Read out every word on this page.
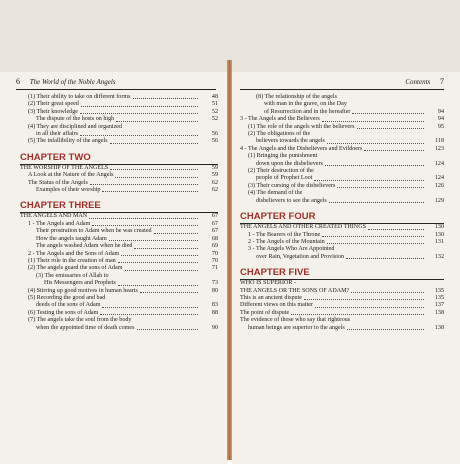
6 The World of the Noble Angels	Contents 7
(1) Their ability to take on different forms	48
(2) Their great speed	51
(3) Their knowledge	52
The dispute of the hosts on high	52
(4) They are disciplined and organized
in all their affairs	56
(5) The infallibility of the angels	56
CHAPTER TWO
THE WORSHIP OF THE ANGELS	59
A Look at the Nature of the Angels	59
The Status of the Angels	62
Examples of their worship	62
CHAPTER THREE
THE ANGELS AND MAN	67
1 - The Angels and Adam	67
Their prostration to Adam when he was created	67
How the angels taught Adam	68
The angels washed Adam when he died	69
2 - The Angels and the Sons of Adam	70
(1) Their role in the creation of man	70
(2) The angels guard the sons of Adam	71
(3) The emissaries of Allah to
His Messengers and Prophets	73
(4) Stirring up good motives in human hearts	80
(5) Recording the good and bad
deeds of the sons of Adam	83
(6) Testing the sons of Adam	88
(7) The angels take the soul from the body
when the appointed time of death comes	90
(8) The relationship of the angels
with man in the grave, on the Day
of Resurrection and in the hereafter	94
3 - The Angels and the Believers	94
(1) The role of the angels with the believers	95
(2) The obligations of the
believers towards the angels	118
4 - The Angels and the Disbelievers and Evildoers	123
(1) Bringing the punishment
down upon the disbelievers	124
(2) Their destruction of the
people of Prophet Loot	124
(3) Their cursing of the disbelievers	126
(4) The demand of the
disbelievers to see the angels	129
CHAPTER FOUR
THE ANGELS AND OTHER CREATED THINGS	130
1 - The Bearers of the Throne	130
2 - The Angels of the Mountain	131
3 - The Angels Who Are Appointed
over Rain, Vegetation and Provision	132
CHAPTER FIVE
WHO IS SUPERIOR -
THE ANGELS OR THE SONS OF ADAM?	135
This is an ancient dispute	135
Different views on this matter	137
The point of dispute	138
The evidence of those who say that righteous
human beings are superior to the angels	138
